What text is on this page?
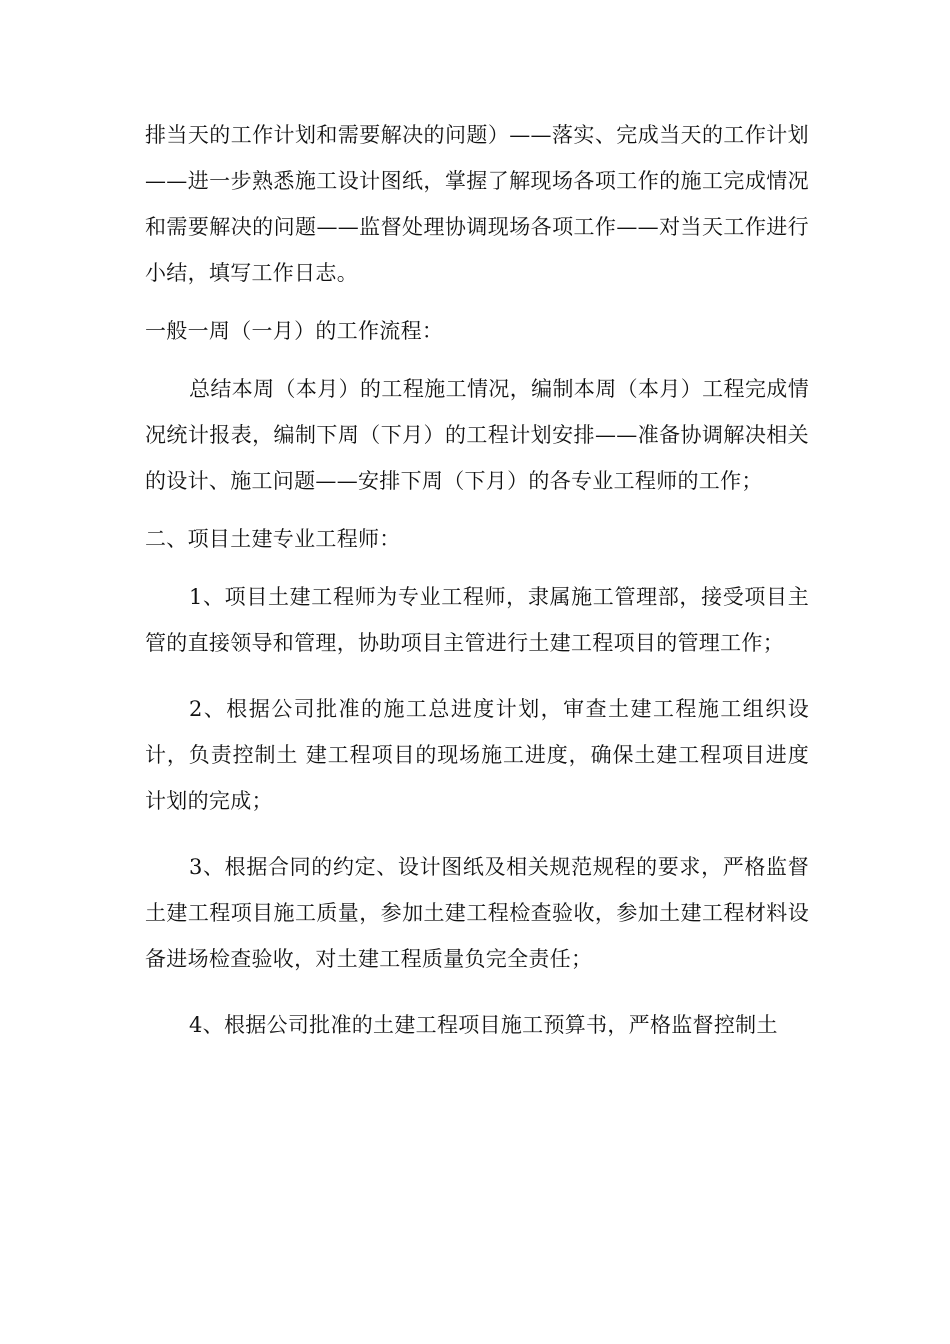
排当天的工作计划和需要解决的问题）——落实、完成当天的工作计划——进一步熟悉施工设计图纸，掌握了解现场各项工作的施工完成情况和需要解决的问题——监督处理协调现场各项工作——对当天工作进行小结，填写工作日志。

一般一周（一月）的工作流程：

总结本周（本月）的工程施工情况，编制本周（本月）工程完成情况统计报表，编制下周（下月）的工程计划安排——准备协调解决相关的设计、施工问题——安排下周（下月）的各专业工程师的工作；

二、项目土建专业工程师：

1、项目土建工程师为专业工程师，隶属施工管理部，接受项目主管的直接领导和管理，协助项目主管进行土建工程项目的管理工作；

2、根据公司批准的施工总进度计划，审查土建工程施工组织设计，负责控制土 建工程项目的现场施工进度，确保土建工程项目进度计划的完成；

3、根据合同的约定、设计图纸及相关规范规程的要求，严格监督土建工程项目施工质量，参加土建工程检查验收，参加土建工程材料设备进场检查验收，对土建工程质量负完全责任；

4、根据公司批准的土建工程项目施工预算书，严格监督控制土
